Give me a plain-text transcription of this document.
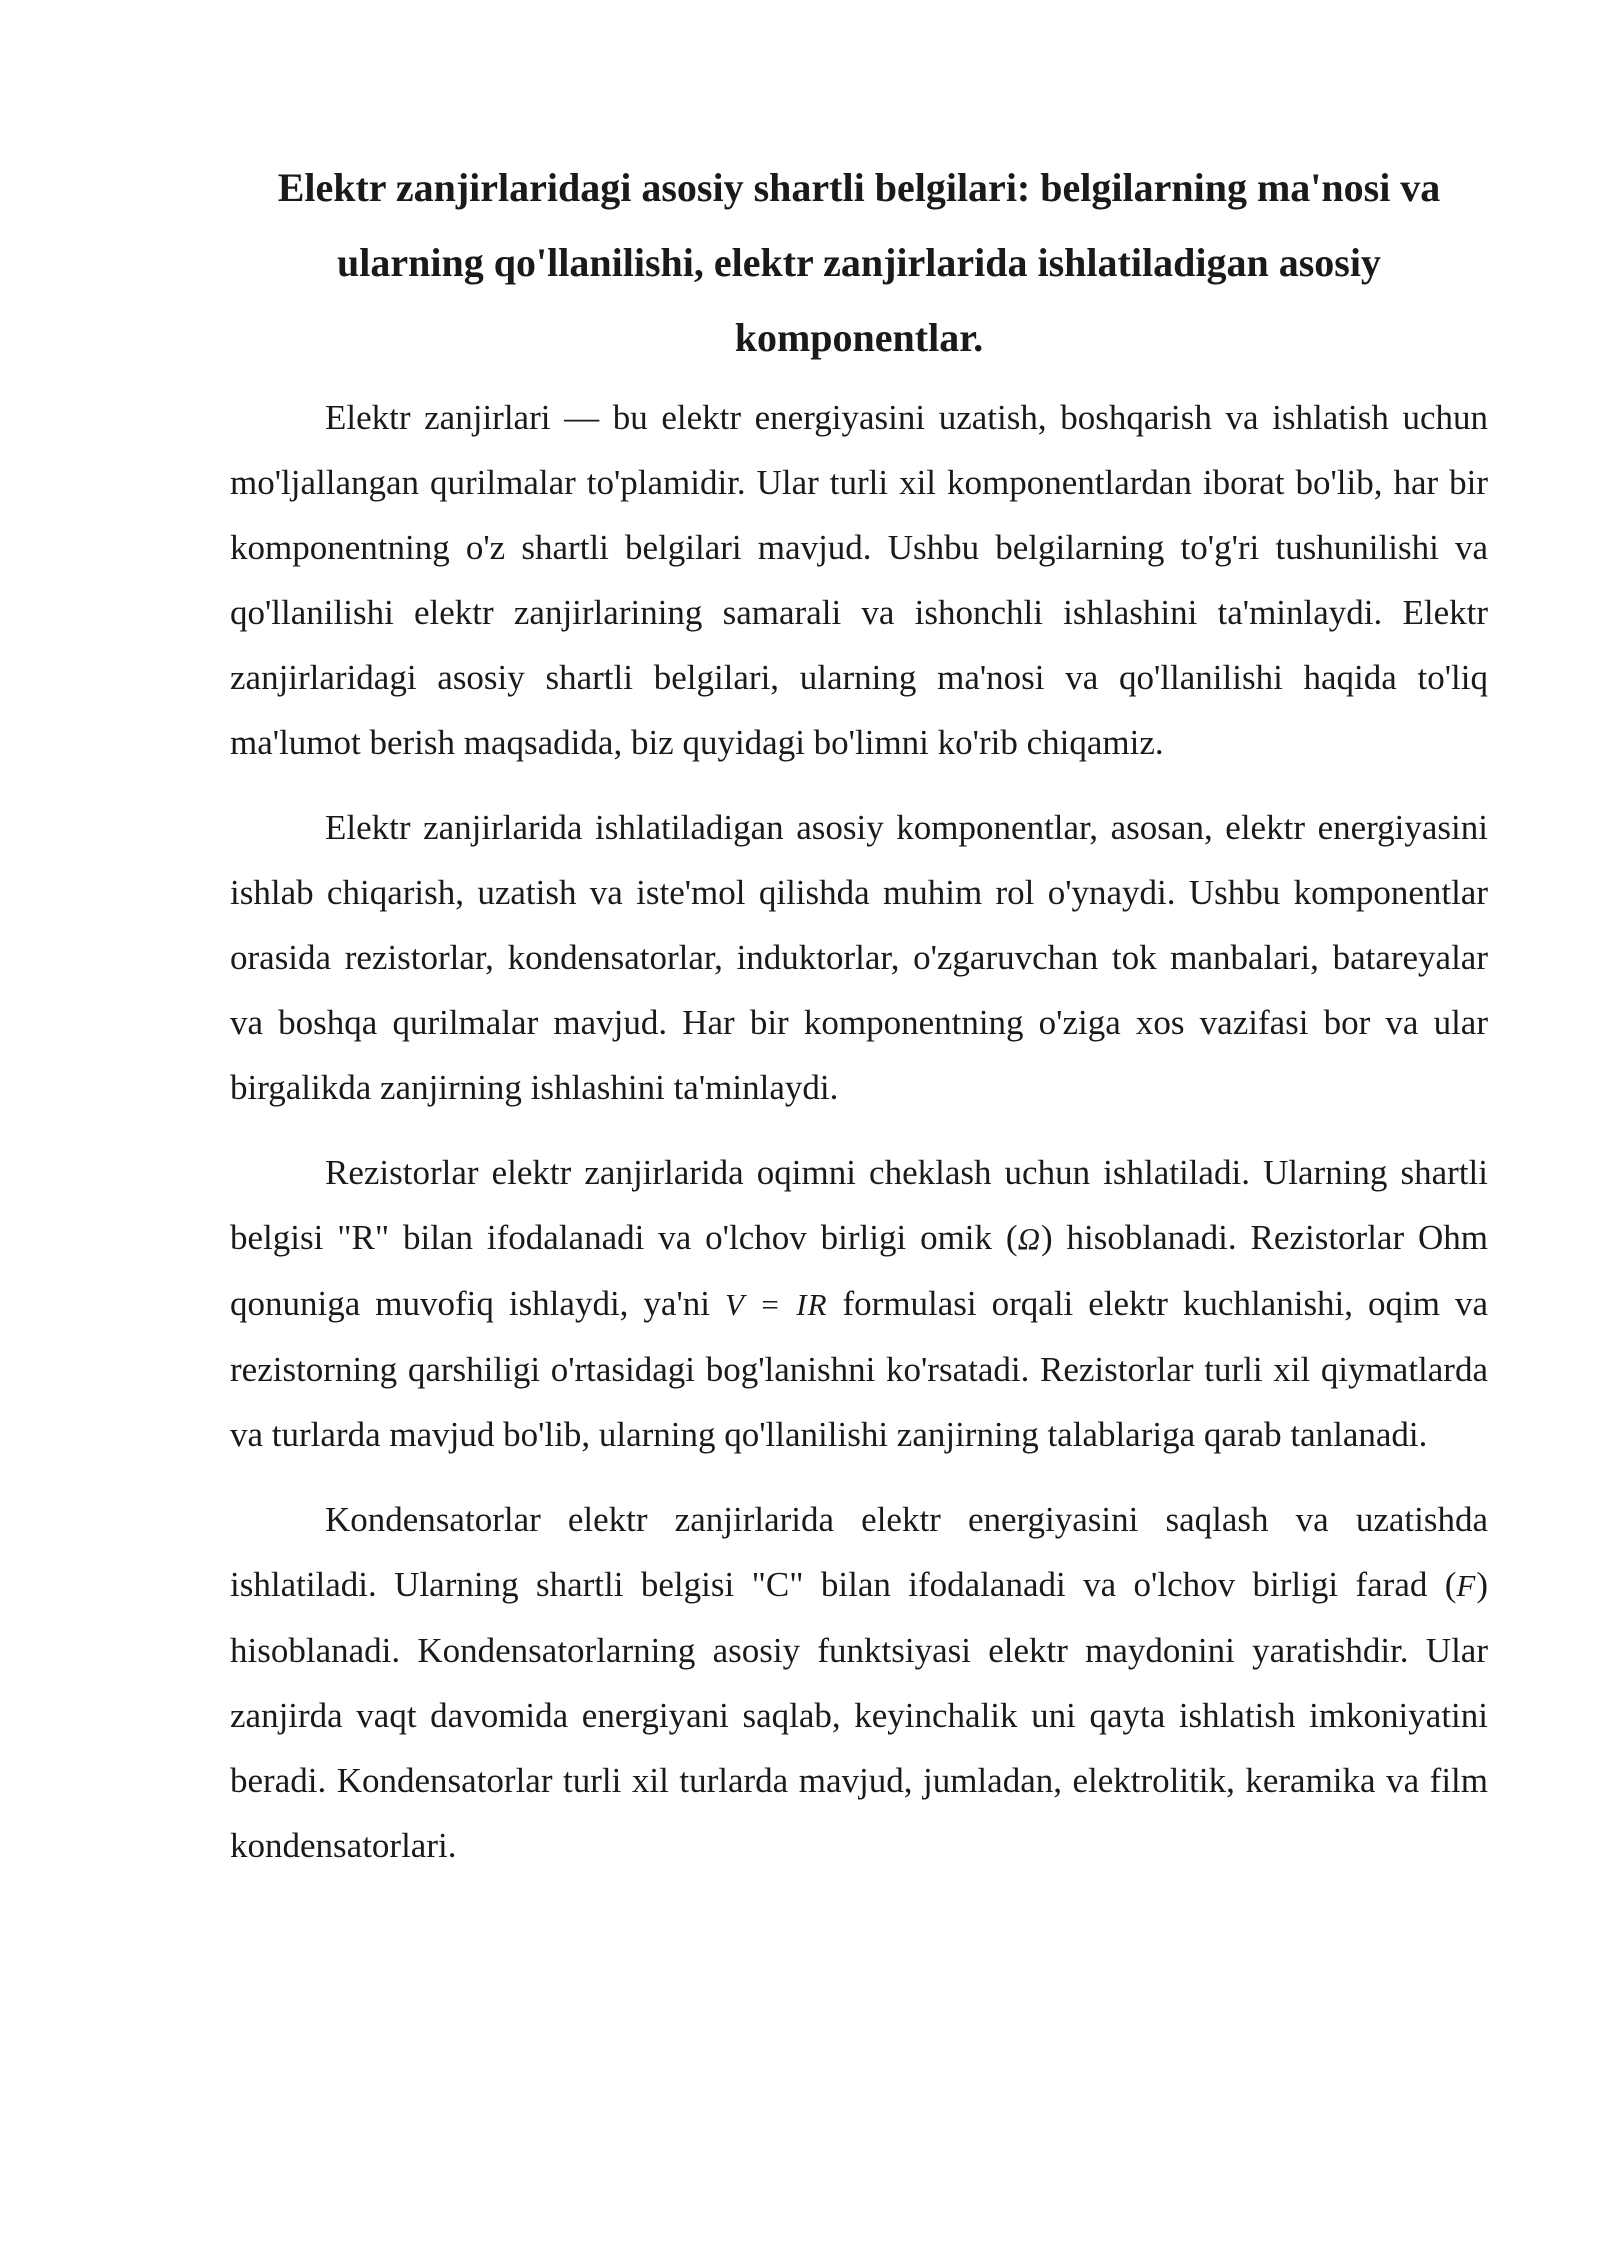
Elektr zanjirlaridagi asosiy shartli belgilari: belgilarning ma'nosi va ularning qo'llanilishi, elektr zanjirlarida ishlatiladigan asosiy komponentlar.

Elektr zanjirlari — bu elektr energiyasini uzatish, boshqarish va ishlatish uchun mo'ljallangan qurilmalar to'plamidir. Ular turli xil komponentlardan iborat bo'lib, har bir komponentning o'z shartli belgilari mavjud. Ushbu belgilarning to'g'ri tushunilishi va qo'llanilishi elektr zanjirlarining samarali va ishonchli ishlashini ta'minlaydi. Elektr zanjirlaridagi asosiy shartli belgilari, ularning ma'nosi va qo'llanilishi haqida to'liq ma'lumot berish maqsadida, biz quyidagi bo'limni ko'rib chiqamiz.

Elektr zanjirlarida ishlatiladigan asosiy komponentlar, asosan, elektr energiyasini ishlab chiqarish, uzatish va iste'mol qilishda muhim rol o'ynaydi. Ushbu komponentlar orasida rezistorlar, kondensatorlar, induktorlar, o'zgaruvchan tok manbalari, batareyalar va boshqa qurilmalar mavjud. Har bir komponentning o'ziga xos vazifasi bor va ular birgalikda zanjirning ishlashini ta'minlaydi.

Rezistorlar elektr zanjirlarida oqimni cheklash uchun ishlatiladi. Ularning shartli belgisi "R" bilan ifodalanadi va o'lchov birligi omik (Ω) hisoblanadi. Rezistorlar Ohm qonuniga muvofiq ishlaydi, ya'ni V = IR formulasi orqali elektr kuchlanishi, oqim va rezistorning qarshiligi o'rtasidagi bog'lanishni ko'rsatadi. Rezistorlar turli xil qiymatlarda va turlarda mavjud bo'lib, ularning qo'llanilishi zanjirning talablariga qarab tanlanadi.

Kondensatorlar elektr zanjirlarida elektr energiyasini saqlash va uzatishda ishlatiladi. Ularning shartli belgisi "C" bilan ifodalanadi va o'lchov birligi farad (F) hisoblanadi. Kondensatorlarning asosiy funktsiyasi elektr maydonini yaratishdir. Ular zanjirda vaqt davomida energiyani saqlab, keyinchalik uni qayta ishlatish imkoniyatini beradi. Kondensatorlar turli xil turlarda mavjud, jumladan, elektrolitik, keramika va film kondensatorlari.
